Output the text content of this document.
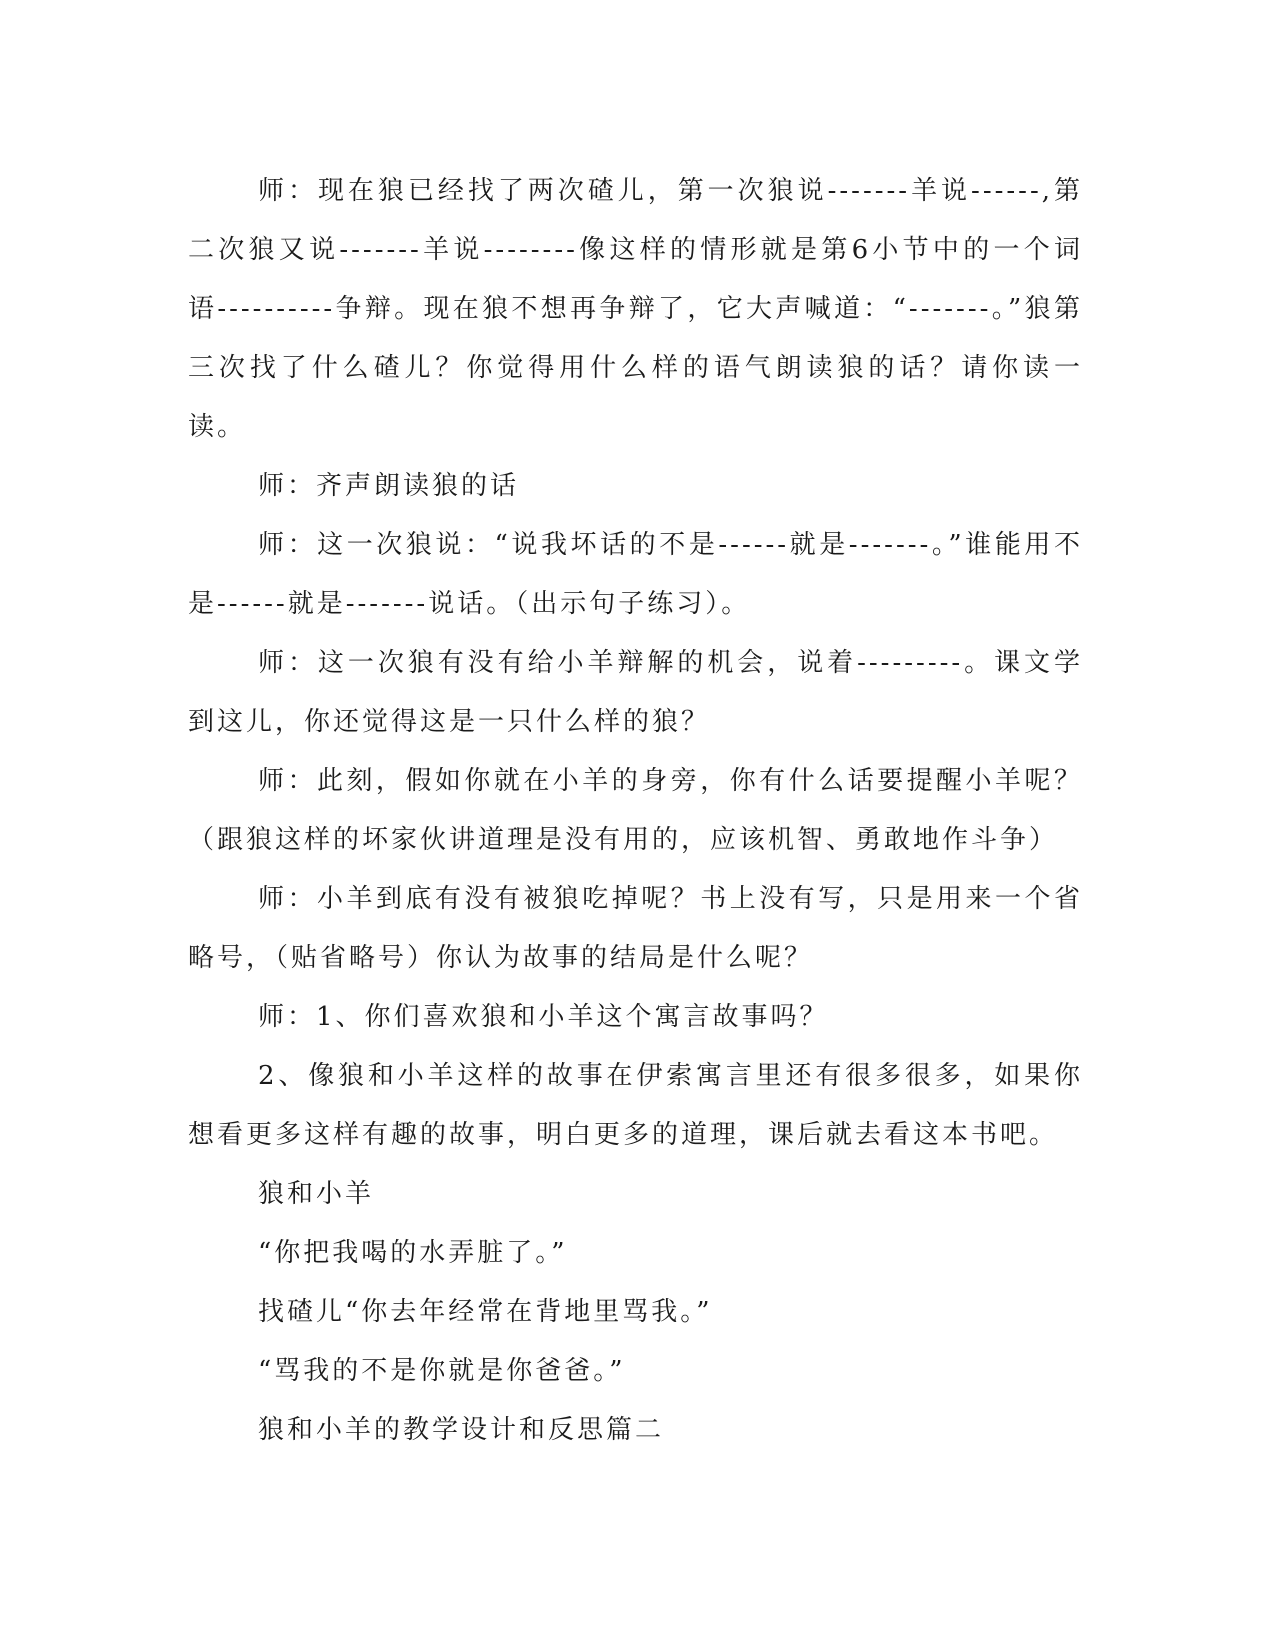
师：现在狼已经找了两次碴儿，第一次狼说-------羊说------,第二次狼又说-------羊说--------像这样的情形就是第6小节中的一个词语----------争辩。现在狼不想再争辩了，它大声喊道：“-------。”狼第三次找了什么碴儿？你觉得用什么样的语气朗读狼的话？请你读一读。

师：齐声朗读狼的话

师：这一次狼说：“说我坏话的不是------就是-------。”谁能用不是------就是-------说话。（出示句子练习）。

师：这一次狼有没有给小羊辩解的机会，说着---------。课文学到这儿，你还觉得这是一只什么样的狼？

师：此刻，假如你就在小羊的身旁，你有什么话要提醒小羊呢？（跟狼这样的坏家伙讲道理是没有用的，应该机智、勇敢地作斗争）

师：小羊到底有没有被狼吃掉呢？书上没有写，只是用来一个省略号，（贴省略号）你认为故事的结局是什么呢？

师：1、你们喜欢狼和小羊这个寓言故事吗？

2、像狼和小羊这样的故事在伊索寓言里还有很多很多，如果你想看更多这样有趣的故事，明白更多的道理，课后就去看这本书吧。

狼和小羊

“你把我喝的水弄脏了。”

找碴儿“你去年经常在背地里骂我。”

“骂我的不是你就是你爸爸。”

狼和小羊的教学设计和反思篇二
